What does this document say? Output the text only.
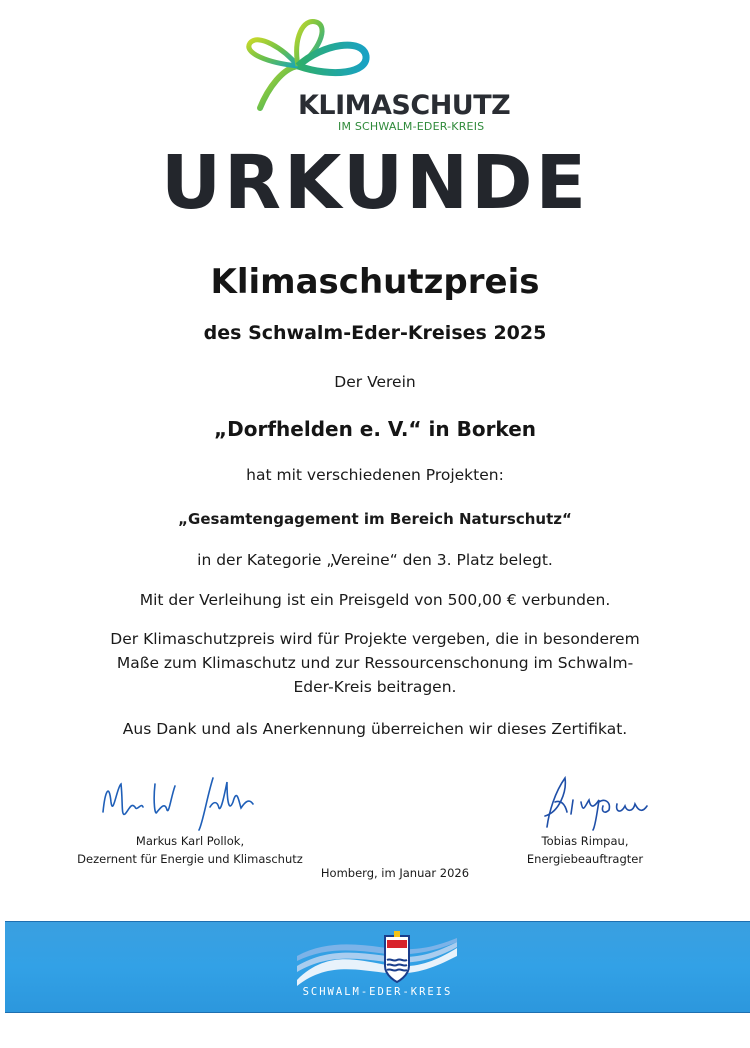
KLIMASCHUTZ
IM SCHWALM-EDER-KREIS
URKUNDE
Klimaschutzpreis
des Schwalm-Eder-Kreises 2025
Der Verein
„Dorfhelden e. V.“ in Borken
hat mit verschiedenen Projekten:
„Gesamtengagement im Bereich Naturschutz“
in der Kategorie „Vereine“ den 3. Platz belegt.
Mit der Verleihung ist ein Preisgeld von 500,00 € verbunden.
Der Klimaschutzpreis wird für Projekte vergeben, die in besonderem
Maße zum Klimaschutz und zur Ressourcenschonung im Schwalm-
Eder-Kreis beitragen.
Aus Dank und als Anerkennung überreichen wir dieses Zertifikat.
Markus Karl Pollok,
Dezernent für Energie und Klimaschutz
Tobias Rimpau,
Energiebeauftragter
Homberg, im Januar 2026
SCHWALM-EDER-KREIS
